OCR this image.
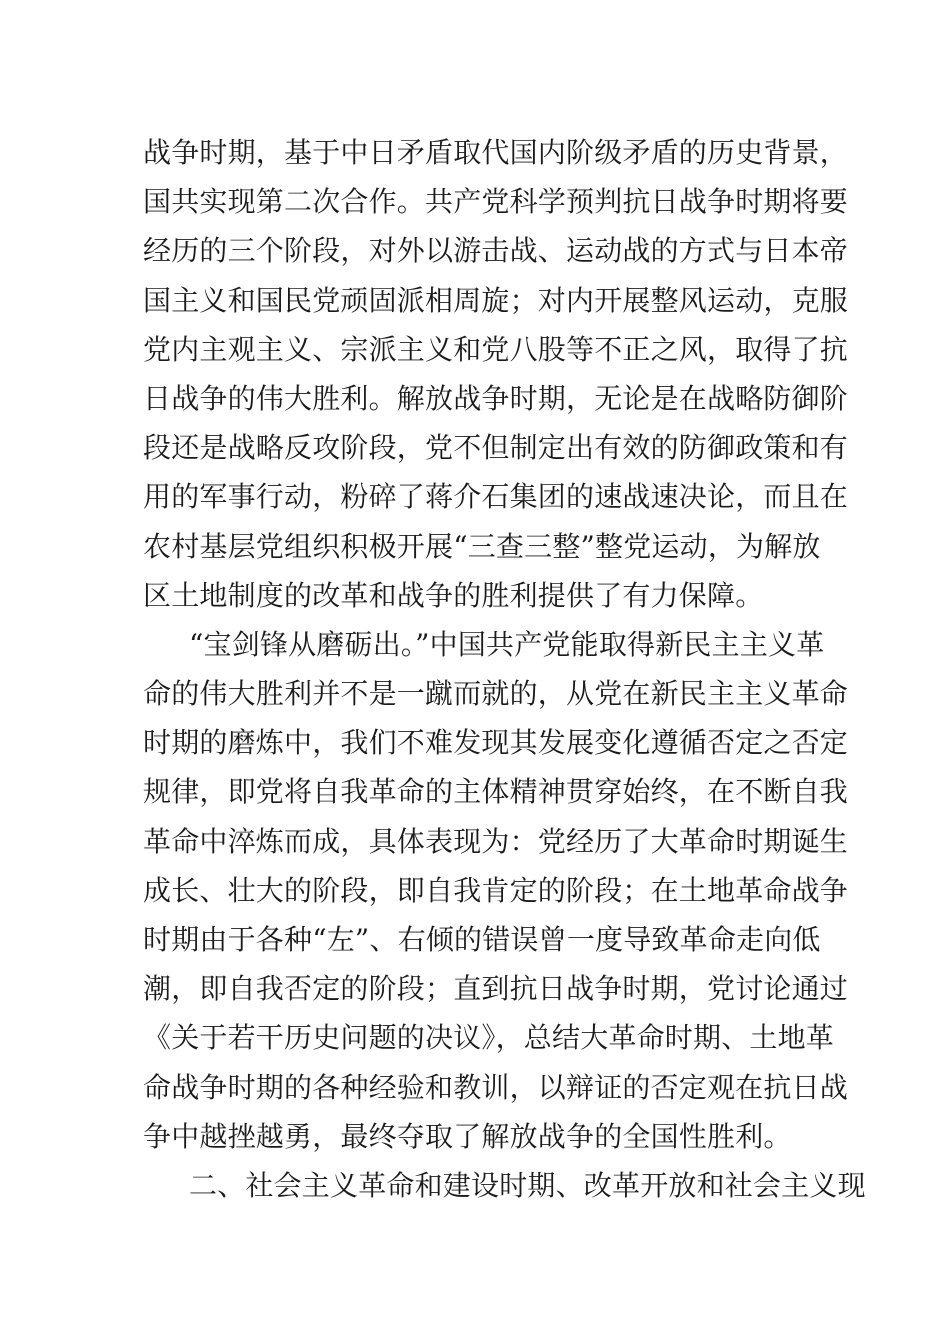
战争时期，基于中日矛盾取代国内阶级矛盾的历史背景，
国共实现第二次合作。共产党科学预判抗日战争时期将要
经历的三个阶段，对外以游击战、运动战的方式与日本帝
国主义和国民党顽固派相周旋；对内开展整风运动，克服
党内主观主义、宗派主义和党八股等不正之风，取得了抗
日战争的伟大胜利。解放战争时期，无论是在战略防御阶
段还是战略反攻阶段，党不但制定出有效的防御政策和有
用的军事行动，粉碎了蒋介石集团的速战速决论，而且在
农村基层党组织积极开展“三查三整”整党运动，为解放
区土地制度的改革和战争的胜利提供了有力保障。
“宝剑锋从磨砺出。”中国共产党能取得新民主主义革
命的伟大胜利并不是一蹴而就的，从党在新民主主义革命
时期的磨炼中，我们不难发现其发展变化遵循否定之否定
规律，即党将自我革命的主体精神贯穿始终，在不断自我
革命中淬炼而成，具体表现为：党经历了大革命时期诞生
成长、壮大的阶段，即自我肯定的阶段；在土地革命战争
时期由于各种“左”、右倾的错误曾一度导致革命走向低
潮，即自我否定的阶段；直到抗日战争时期，党讨论通过
《关于若干历史问题的决议》，总结大革命时期、土地革
命战争时期的各种经验和教训，以辩证的否定观在抗日战
争中越挫越勇，最终夺取了解放战争的全国性胜利。
二、社会主义革命和建设时期、改革开放和社会主义现
